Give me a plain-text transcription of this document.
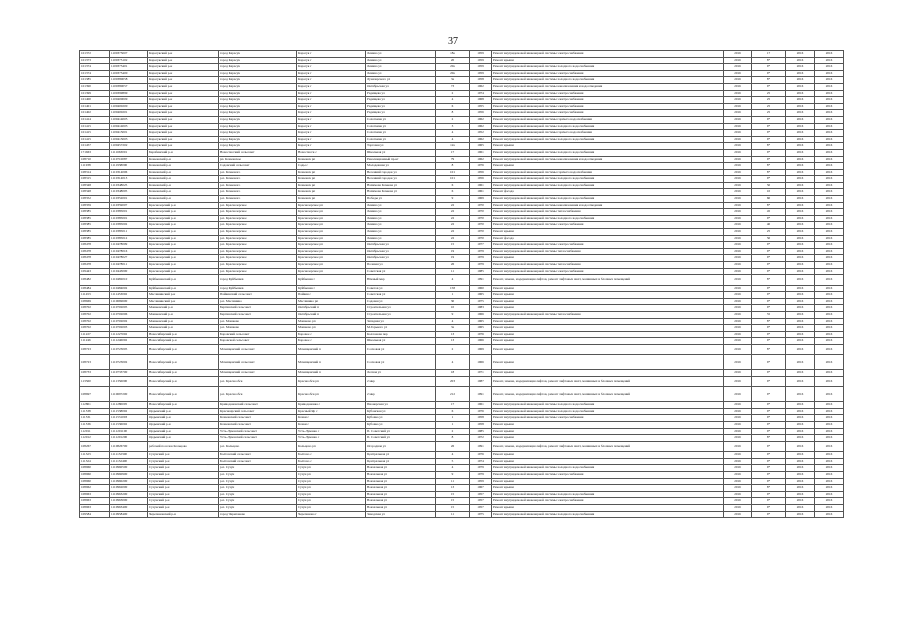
37
101372	1100375007	Карасукский р-н	город Карасук	Карасук г	Ленина ул	18а	1959	Ремонт внутридомовой инженерной системы электроснабжения	2016	17	2016	2016
101373	1100375102	Карасукский р-н	город Карасук	Карасук г	Ленина ул	20	1959	Ремонт крыши	2016	8*	2016	2016
101374	1100375401	Карасукский р-н	город Карасук	Карасук г	Ленина ул	20а	1959	Ремонт внутридомовой инженерной системы холодного водоснабжения	2016	9*	2016	2016
101374	1100375400	Карасукский р-н	город Карасук	Карасук г	Ленина ул	20а	1959	Ремонт внутридомовой инженерной системы электроснабжения	2016	9*	2016	2016
101385	1100380058	Карасукский р-н	город Карасук	Карасук г	Луначарского ул	3а	1958	Ремонт внутридомовой инженерной системы холодного водоснабжения	2016	8*	2016	2016
101390	1100380057	Карасукский р-н	город Карасук	Карасук г	Октябрьская ул	73	1962	Ремонт внутридомовой инженерной системы канализования и водоотведения	2016	9*	2016	2016
101399	1100399899	Карасукский р-н	город Карасук	Карасук г	Радищева ул	2	1974	Ремонт внутридомовой инженерной системы электроснабжения	2016	25	2016	2016
101400	1100400009	Карасукский р-н	город Карасук	Карасук г	Радищева ул	4	1968	Ремонт внутридомовой инженерной системы электроснабжения	2016	25	2016	2016
101401	1100400200	Карасукский р-н	город Карасук	Карасук г	Радищева ул	6	1955	Ремонт внутридомовой инженерной системы электроснабжения	2016	25	2016	2016
101402	1100400201	Карасукский р-н	город Карасук	Карасук г	Радищева ул	8	1956	Ремонт внутридомовой инженерной системы электроснабжения	2016	25	2016	2016
101414	1100414005	Карасукский р-н	город Карасук	Карасук г	Сохоткина ул	2	1962	Ремонт внутридомовой инженерной системы горячего водоснабжения	2016	9*	2016	2016
101415	1100414003	Карасукский р-н	город Карасук	Карасук г	Сохоткина ул	3	1962	Ремонт внутридомовой инженерной системы холодного водоснабжения	2016	9*	2016	2016
101415	1100415001	Карасукский р-н	город Карасук	Карасук г	Сохоткина ул	4	1952	Ремонт внутридомовой инженерной системы горячего водоснабжения	2016	9*	2016	2016
101415	1100415003	Карасукский р-н	город Карасук	Карасук г	Сохоткина ул	4	1962	Ремонт внутридомовой инженерной системы холодного водоснабжения	2016	9*	2016	2016
101457	1100457202	Карасукский р-н	город Карасук	Карасук г	Торговая ул	12а	1965	Ремонт крыши	2016	8*	2016	2016
171663	1111663001	Барабинский р-н	Новоспасский сельсовет	Новоспасск с	Школьная ул	17	1961	Ремонт внутридомовой инженерной системы холодного водоснабжения	2016	9*	2016	2016
108710	1110710087	Кочковский р-н	рп. Кочковское	Кочковск рп	Революционный пр-кт	79	1962	Ремонт внутридомовой инженерной системы канализования и водоотведения	2016	9*	2016	2016
111938	1111938000	Кочковский р-н	Садовский сельсовет	Сады с	Молодежная ул	8	1976	Ремонт крыши	2016	8*	2016	2016
108314	1110314006	Кочковский р-н	р.п. Кочкового	Кочковск рп	Весенний городок ул	101	1956	Ремонт внутридомовой инженерной системы горячего водоснабжения	2016	8*	2016	2016
108315	1110314013	Кочковский р-н	р.п. Кочкового	Кочковск рп	Весенний городок ул	101	1956	Ремонт внутридомовой инженерной системы холодного водоснабжения	2016	9*	2016	2016
108348	1110348025	Кочковский р-н	р.п. Кочкового	Кочковск рп	Нахимова Кочкова ул	6	1961	Ремонт внутридомовой инженерной системы холодного водоснабжения	2016	50	2016	2016
108348	1110348005	Кочковский р-н	р.п. Кочкового	Кочковск рп	Нахимова Кочкова ул	6	1961	Ремонт фасада	2016	10	2016	2016
108352	1110352001	Кочковский р-н	р.п. Кочкового	Кочковск рп	Победы ул	9	1969	Ремонт внутридомовой инженерной системы холодного водоснабжения	2016	60	2016	2016
108359	1110359007	Краснозерский р-н	р.п. Краснозерское	Краснозерское рп	Ленина ул	22	1970	Ремонт внутридомовой инженерной системы канализования и водоотведения	2016	8*	2016	2016
108385	1110385001	Краснозерский р-н	р.п. Краснозерское	Краснозерское рп	Ленина ул	22	1970	Ремонт внутридомовой инженерной системы теплоснабжения	2016	45	2016	2016
108385	1110385001	Краснозерский р-н	р.п. Краснозерское	Краснозерское рп	Ленина ул	22	1970	Ремонт внутридомовой инженерной системы холодного водоснабжения	2016	9*	2016	2016
108385	1110385002	Краснозерский р-н	р.п. Краснозерское	Краснозерское рп	Ленина ул	22	1970	Ремонт внутридомовой инженерной системы электроснабжения	2016	40	2016	2016
108385	1110385011	Краснозерский р-н	р.п. Краснозерское	Краснозерское рп	Ленина ул	22	1970	Ремонт крыши	2016	25	2016	2016
108385	1110385012	Краснозерский р-н	р.п. Краснозерское	Краснозерское рп	Ленина ул	22	1970	Ремонт фасада	2016	50	2016	2016
108478	1110478009	Краснозерский р-н	р.п. Краснозерское	Краснозерское рп	Октябрьская ул	15	1977	Ремонт внутридомовой инженерной системы электроснабжения	2016	9*	2016	2016
108478	1110478016	Краснозерский р-н	р.п. Краснозерское	Краснозерское рп	Октябрьская ул	19	1979	Ремонт внутридомовой инженерной системы теплоснабжения	2016	9*	2016	2016
108478	1110478027	Краснозерский р-н	р.п. Краснозерское	Краснозерское рп	Октябрьская ул	19	1979	Ремонт крыши	2016	9*	2016	2016
108478	1110478011	Краснозерский р-н	р.п. Краснозерское	Краснозерское рп	Полевая ул	26	1979	Ремонт внутридомовой инженерной системы теплоснабжения	2016	9*	2016	2016
109443	1110443000	Краснозерский р-н	р.п. Краснозерское	Краснозерское рп	Советская ул	11	1985	Ремонт внутридомовой инженерной системы электроснабжения	2016	9*	2016	2016
108482	1110482010	Куйбышевский р-н	город Куйбышев	Куйбышев г	Южный мкр	4	1991	Ремонт, замена, модернизация лифтов, ремонт лифтовых шахт, машинных и блочных помещений	2016	8*	2016	2016
108484	1110484002	Куйбышевский р-н	город Куйбышев	Куйбышев г	Советов ул	158	1960	Ремонт крыши	2016	9*	2016	2016
111453	1111453002	Маслянинский р-н	Пайвинский сельсовет	Пайвин с	Советская ул	1	1965	Ремонт крыши	2016	9*	2016	2016
108669	1110669600	Маслянинский р-н	р.п. Маслянино	Маслянино рп	Садовая ул	30	1975	Ремонт крыши	2016	9*	2016	2016
108702	1110702005	Мошковский р-н	Бергинский сельсовет	Октябрьский п	Строительная ул	10	1983	Ремонт крыши	2016	9*	2016	2016
108702	1110702006	Мошковский р-н	Бергинский сельсовет	Октябрьский п	Строительная ул	9	1966	Ремонт внутридомовой инженерной системы теплоснабжения	2016	55	2016	2016
108702	1110702002	Мошковский р-н	р.п. Мошково	Мошково рп	Западная ул	4	1965	Ремонт крыши	2016	8*	2016	2016
108702	1110702003	Мошковский р-н	р.п. Мошково	Мошково рп	М.Горького ул	3а	1965	Ремонт крыши	2016	9*	2016	2016
111227	1111227002	Новосибирский р-н	Боровский сельсовет	Боровое с	Коллонова пер	13	1976	Ремонт крыши	2016	9*	2016	2016
111246	1111246002	Новосибирский р-н	Боровской сельсовет	Боровое с	Школьная ул	13	1966	Ремонт крыши	2016	9*	2016	2016
108723	1110723005	Новосибирский р-н	Мочищенский сельсовет	Мочищенский п	Сосновая ул	2	1969	Ремонт крыши	2016	8*	2016	2016
108723	1110723002	Новосибирский р-н	Мочищенский сельсовет	Мочищенский п	Сосновая ул	4	1966	Ремонт крыши	2016	9*	2016	2016
108733	1110733700	Новосибирский р-н	Мочищенский сельсовет	Мочищенский п	Лесная ул	18	1971	Ремонт крыши	2016	9*	2016	2016
113560	1111356000	Новосибирский р-н	р.п. Краснообск	Краснообск рп	2 мкр	203	1987	Ремонт, замена, модернизация лифтов, ремонт лифтовых шахт, машинных и блочных помещений	2016	9*	2016	2016
108697	1110697200	Новосибирский р-н	р.п. Краснообск	Краснообск рп	2 мкр	212	1991	Ремонт, замена, модернизация лифтов, ремонт лифтовых шахт, машинных и блочных помещений	2016	9*	2016	2016
112801	1111280005	Новосибирский р-н	Криводановский сельсовет	Криводановка с	Пионерская ул	17	1961	Ремонт внутридомовой инженерной системы холодного водоснабжения	2016	9*	2016	2016
111538	1111538002	Ордынский р-н	Красноярский сельсовет	Красный Яр с	Кубанская ул	6	1976	Ремонт внутридомовой инженерной системы холодного водоснабжения	2016	9*	2016	2016
111531	1111531003	Ордынский р-н	Кочковский сельсовет	Кочки с	Кубовка ул	1	1958	Ремонт внутридомовой инженерной системы электроснабжения	2016	9*	2016	2016
111536	1111536002	Ордынский р-н	Кочковский сельсовет	Кочки с	Кубовка ул	1	1958	Ремонт крыши	2016	9*	2016	2016
112011	1111201100	Ордынский р-н	Усть-Луковский сельсовет	Усть-Луковка с	П. Советский ул	2	1985	Ремонт крыши	2016	9*	2016	2016
112012	1111201200	Ордынский р-н	Усть-Луковский сельсовет	Усть-Луковка с	П. Советский ул	8	1972	Ремонт крыши	2016	8*	2016	2016
108267	1110826700	рабочий поселок Кольцово	р.п. Кольцово	Кольцово рп	Огородная ул	26	1991	Ремонт, замена, модернизация лифтов, ремонт лифтовых шахт, машинных и блочных помещений	2016	9*	2016	2016
111323	1111132300	Сузунский р-н	Болтовский сельсовет	Болтово с	Центральная ул	4	1976	Ремонт крыши	2016	9*	2016	2016
111324	1111132400	Сузунский р-н	Болтовский сельсовет	Болтово с	Центральная ул	5	1974	Ремонт крыши	2016	9*	2016	2016
108960	1110960500	Сузунский р-н	р.п. Сузун	Сузун рп	Вокзальная ул	4	1979	Ремонт внутридомовой инженерной системы холодного водоснабжения	2016	9*	2016	2016
108960	1110960900	Сузунский р-н	р.п. Сузун	Сузун рп	Вокзальная ул	9	1979	Ремонт внутридомовой инженерной системы электроснабжения	2016	9*	2016	2016
108960	1110960200	Сузунский р-н	р.п. Сузун	Сузун рп	Вокзальная ул	11	1959	Ремонт крыши	2016	9*	2016	2016
108962	1110962000	Сузунский р-н	р.п. Сузун	Сузун рп	Вокзальная ул	13	1967	Ремонт крыши	2016	8*	2016	2016
108963	1110963200	Сузунский р-н	р.п. Сузун	Сузун рп	Вокзальная ул	15	1957	Ремонт внутридомовой инженерной системы холодного водоснабжения	2016	9*	2016	2016
108963	1110963000	Сузунский р-н	р.п. Сузун	Сузун рп	Вокзальная ул	15	1957	Ремонт внутридомовой инженерной системы электроснабжения	2016	9*	2016	2016
108963	1110963400	Сузунский р-н	р.п. Сузун	Сузун рп	Вокзальная ул	15	1957	Ремонт крыши	2016	9*	2016	2016
109584	1110958400	Черепановский р-н	город Черепаново	Черепаново г	Заводская ул	11	1975	Ремонт внутридомовой инженерной системы холодного водоснабжения	2016	9*	2016	2016
